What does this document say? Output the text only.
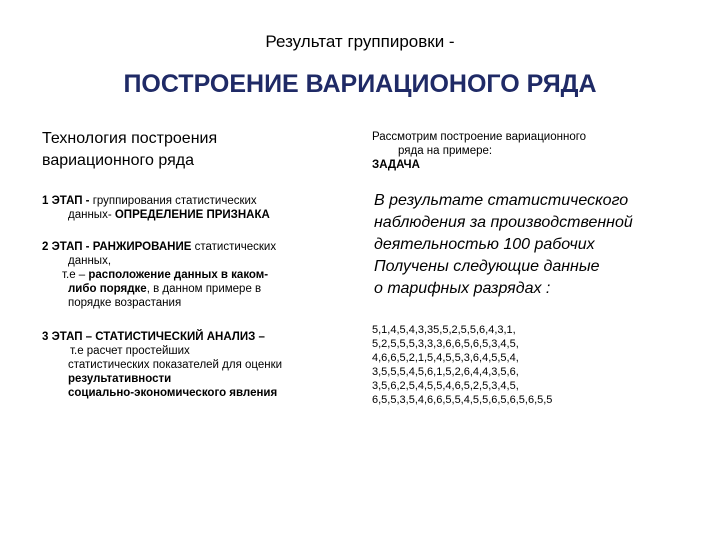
Результат группировки -
ПОСТРОЕНИЕ ВАРИАЦИОНОГО РЯДА
Технология построения
вариационного ряда
1 ЭТАП - группирования статистических
данных- ОПРЕДЕЛЕНИЕ ПРИЗНАКА
2 ЭТАП - РАНЖИРОВАНИЕ статистических
данных,
т.е – расположение данных в каком-
либо порядке, в данном примере в
порядке возрастания
3 ЭТАП – СТАТИСТИЧЕСКИЙ АНАЛИЗ –
т.е расчет простейших
статистических показателей для оценки
результативности
социально-экономического явления
Рассмотрим построение вариационного
ряда на примере:
ЗАДАЧА
В результате статистического
наблюдения за производственной
деятельностью 100 рабочих
Получены следующие данные
о тарифных разрядах :
5,1,4,5,4,3,35,5,2,5,5,6,4,3,1,
5,2,5,5,5,3,3,3,6,6,5,6,5,3,4,5,
4,6,6,5,2,1,5,4,5,5,3,6,4,5,5,4,
3,5,5,5,4,5,6,1,5,2,6,4,4,3,5,6,
3,5,6,2,5,4,5,5,4,6,5,2,5,3,4,5,
6,5,5,3,5,4,6,6,5,5,4,5,5,6,5,6,5,6,5,5
